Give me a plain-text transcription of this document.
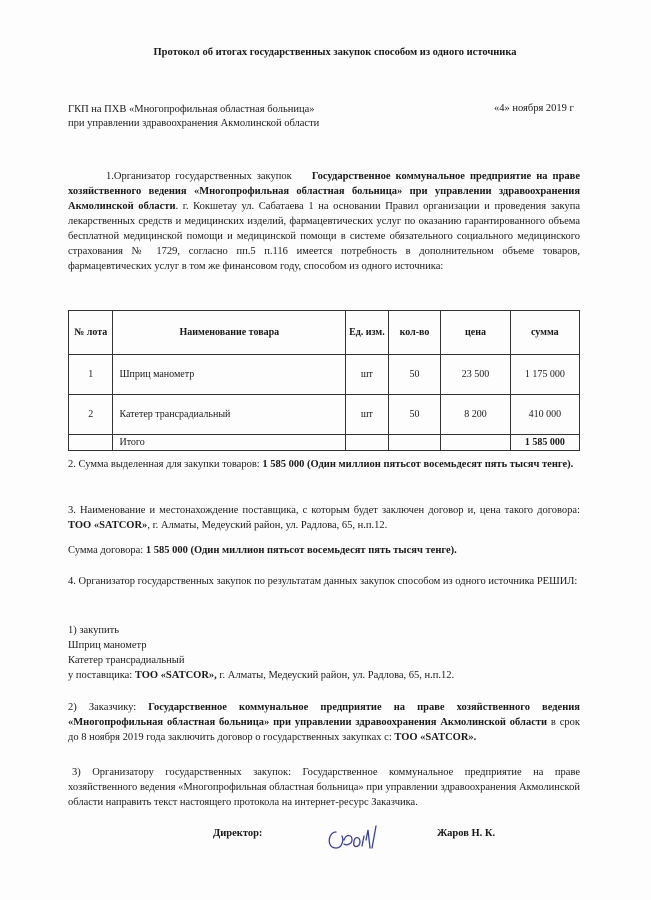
Протокол об итогах государственных закупок способом из одного источника
ГКП на ПХВ «Многопрофильная областная больница»
при управлении здравоохранения Акмолинской области
«4» ноября 2019 г
1.Организатор государственных закупок Государственное коммунальное предприятие на праве хозяйственного ведения «Многопрофильная областная больница» при управлении здравоохранения Акмолинской области. г. Кокшетау ул. Сабатаева 1 на основании Правил организации и проведения закупа лекарственных средств и медицинских изделий, фармацевтических услуг по оказанию гарантированного объема бесплатной медицинской помощи и медицинской помощи в системе обязательного социального медицинского страхования № 1729, согласно пп.5 п.116 имеется потребность в дополнительном объеме товаров, фармацевтических услуг в том же финансовом году, способом из одного источника:
№ лота	Наименование товара	Ед. изм.	кол-во	цена	сумма
1	Шприц манометр	шт	50	23 500	1 175 000
2	Катетер трансрадиальный	шт	50	8 200	410 000
	Итого				1 585 000
2. Сумма выделенная для закупки товаров: 1 585 000 (Один миллион пятьсот восемьдесят пять тысяч тенге).
3. Наименование и местонахождение поставщика, с которым будет заключен договор и, цена такого договора: ТОО «SATCOR», г. Алматы, Медеуский район, ул. Радлова, 65, н.п.12.
Сумма договора: 1 585 000 (Один миллион пятьсот восемьдесят пять тысяч тенге).
4. Организатор государственных закупок по результатам данных закупок способом из одного источника РЕШИЛ:
1) закупить
Шприц манометр
Катетер трансрадиальный
у поставщика: ТОО «SATCOR», г. Алматы, Медеуский район, ул. Радлова, 65, н.п.12.
2) Заказчику: Государственное коммунальное предприятие на праве хозяйственного ведения «Многопрофильная областная больница» при управлении здравоохранения Акмолинской области в срок до 8 ноября 2019 года заключить договор о государственных закупках с: ТОО «SATCOR».
3) Организатору государственных закупок: Государственное коммунальное предприятие на праве хозяйственного ведения «Многопрофильная областная больница» при управлении здравоохранения Акмолинской области направить текст настоящего протокола на интернет-ресурс Заказчика.
Директор:	Жаров Н. К.
